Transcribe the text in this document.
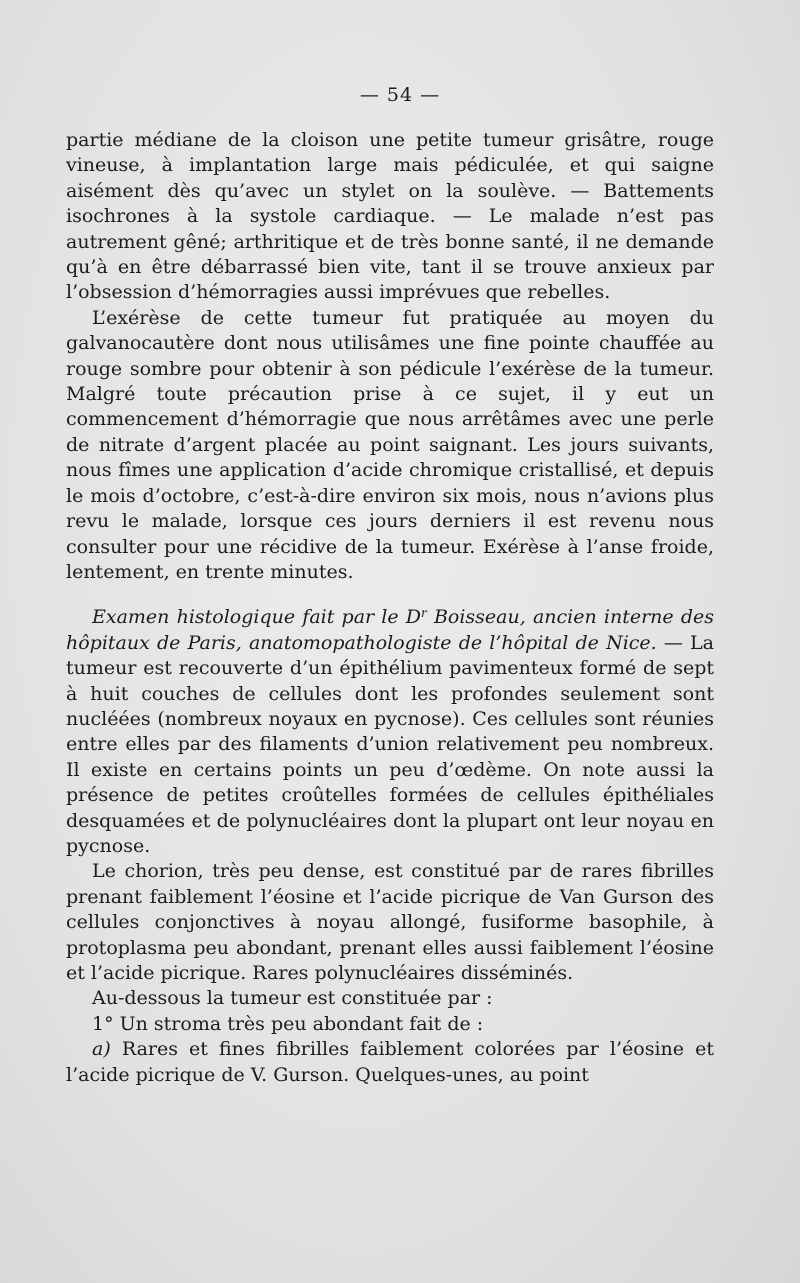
— 54 —

partie médiane de la cloison une petite tumeur grisâtre, rouge vineuse, à implantation large mais pédiculée, et qui saigne aisément dès qu’avec un stylet on la soulève. — Battements isochrones à la systole cardiaque. — Le malade n’est pas autrement gêné; arthritique et de très bonne santé, il ne demande qu’à en être débarrassé bien vite, tant il se trouve anxieux par l’obsession d’hémorragies aussi imprévues que rebelles.

L’exérèse de cette tumeur fut pratiquée au moyen du galvanocautère dont nous utilisâmes une fine pointe chauffée au rouge sombre pour obtenir à son pédicule l’exérèse de la tumeur. Malgré toute précaution prise à ce sujet, il y eut un commencement d’hémorragie que nous arrêtâmes avec une perle de nitrate d’argent placée au point saignant. Les jours suivants, nous fîmes une application d’acide chromique cristallisé, et depuis le mois d’octobre, c’est-à-dire environ six mois, nous n’avions plus revu le malade, lorsque ces jours derniers il est revenu nous consulter pour une récidive de la tumeur. Exérèse à l’anse froide, lentement, en trente minutes.

Examen histologique fait par le $D^r$ Boisseau, ancien interne des hôpitaux de Paris, anatomopathologiste de l’hôpital de Nice. — La tumeur est recouverte d’un épithélium pavimenteux formé de sept à huit couches de cellules dont les profondes seulement sont nucléées (nombreux noyaux en pycnose). Ces cellules sont réunies entre elles par des filaments d’union relativement peu nombreux. Il existe en certains points un peu d’œdème. On note aussi la présence de petites croûtelles formées de cellules épithéliales desquamées et de polynucléaires dont la plupart ont leur noyau en pycnose.

Le chorion, très peu dense, est constitué par de rares fibrilles prenant faiblement l’éosine et l’acide picrique de Van Gurson des cellules conjonctives à noyau allongé, fusiforme basophile, à protoplasma peu abondant, prenant elles aussi faiblement l’éosine et l’acide picrique. Rares polynucléaires disséminés.

Au-dessous la tumeur est constituée par :

1° Un stroma très peu abondant fait de :

a) Rares et fines fibrilles faiblement colorées par l’éosine et l’acide picrique de V. Gurson. Quelques-unes, au point
